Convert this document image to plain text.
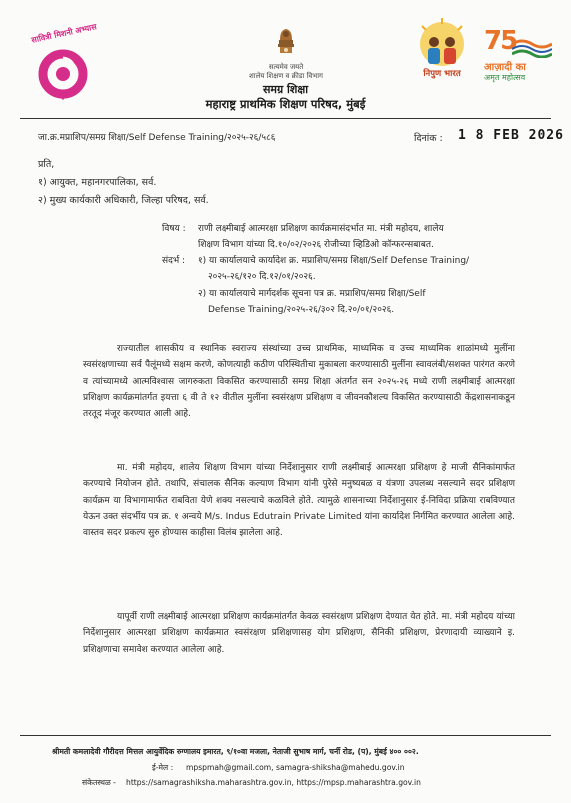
सावित्री मिशनी अभ्यास
सत्यमेव जयते
शालेय शिक्षण व क्रीडा विभाग	निपुण भारत
75
आज़ादी का
अमृत महोत्सव
समग्र शिक्षा
महाराष्ट्र प्राथमिक शिक्षण परिषद, मुंबई
जा.क्र.मप्राशिप/समग्र शिक्षा/Self Defense Training/२०२५-२६/५८६	दिनांक : 1 8 FEB 2026
प्रति,
१) आयुक्त, महानगरपालिका, सर्व.
२) मुख्य कार्यकारी अधिकारी, जिल्हा परिषद, सर्व.
विषय : राणी लक्ष्मीबाई आत्मरक्षा प्रशिक्षण कार्यक्रमासंदर्भात मा. मंत्री महोदय, शालेय
शिक्षण विभाग यांच्या दि.१०/०२/२०२६ रोजीच्या व्हिडिओ कॉन्फरन्सबाबत.
संदर्भ : १) या कार्यालयाचे कार्यादेश क्र. मप्राशिप/समग्र शिक्षा/Self Defense Training/
२०२५-२६/१२० दि.१२/०१/२०२६.
२) या कार्यालयाचे मार्गदर्शक सूचना पत्र क्र. मप्राशिप/समग्र शिक्षा/Self
Defense Training/२०२५-२६/३०२ दि.२०/०१/२०२६.
राज्यातील शासकीय व स्थानिक स्वराज्य संस्थांच्या उच्च प्राथमिक, माध्यमिक व उच्च माध्यमिक शाळांमध्ये मुलींना स्वसंरक्षणाच्या सर्व पैलूंमध्ये सक्षम करणे, कोणत्याही कठीण परिस्थितीचा मुकाबला करण्यासाठी मुलींना स्वावलंबी/सशक्त पारंगत करणे व त्यांच्यामध्ये आत्मविश्वास जागरुकता विकसित करण्यासाठी समग्र शिक्षा अंतर्गत सन २०२५-२६ मध्ये राणी लक्ष्मीबाई आत्मरक्षा प्रशिक्षण कार्यक्रमांतर्गत इयत्ता ६ वी ते १२ वीतील मुलींना स्वसंरक्षण प्रशिक्षण व जीवनकौशल्य विकसित करण्यासाठी केंद्रशासनाकडून तरतूद मंजूर करण्यात आली आहे.
मा. मंत्री महोदय, शालेय शिक्षण विभाग यांच्या निर्देशानुसार राणी लक्ष्मीबाई आत्मरक्षा प्रशिक्षण हे माजी सैनिकांमार्फत करण्याचे नियोजन होते. तथापि, संचालक सैनिक कल्याण विभाग यांनी पुरेसे मनुष्यबळ व यंत्रणा उपलब्ध नसल्याने सदर प्रशिक्षण कार्यक्रम या विभागामार्फत राबविता येणे शक्य नसल्याचे कळविले होते. त्यामुळे शासनाच्या निर्देशानुसार ई-निविदा प्रक्रिया राबविण्यात येऊन उक्त संदर्भीय पत्र क्र. १ अन्वये M/s. Indus Edutrain Private Limited यांना कार्यादेश निर्गमित करण्यात आलेला आहे. वास्तव सदर प्रकल्प सुरु होण्यास काहीसा विलंब झालेला आहे.
यापूर्वी राणी लक्ष्मीबाई आत्मरक्षा प्रशिक्षण कार्यक्रमांतर्गत केवळ स्वसंरक्षण प्रशिक्षण देण्यात येत होते. मा. मंत्री महोदय यांच्या निर्देशानुसार आत्मरक्षा प्रशिक्षण कार्यक्रमात स्वसंरक्षण प्रशिक्षणासह योग प्रशिक्षण, सैनिकी प्रशिक्षण, प्रेरणादायी व्याख्याने इ. प्रशिक्षणाचा समावेश करण्यात आलेला आहे.
श्रीमती कमलादेवी गौरीदत्त मित्तल आयुर्वेदिक रुग्णालय इमारत, ९/१०वा मजला, नेताजी सुभाष मार्ग, चर्नी रोड, (प), मुंबई ४०० ००२.
ई-मेल : mpspmah@gmail.com, samagra-shiksha@mahedu.gov.in
संकेतस्थळ - https://samagrashiksha.maharashtra.gov.in, https://mpsp.maharashtra.gov.in
